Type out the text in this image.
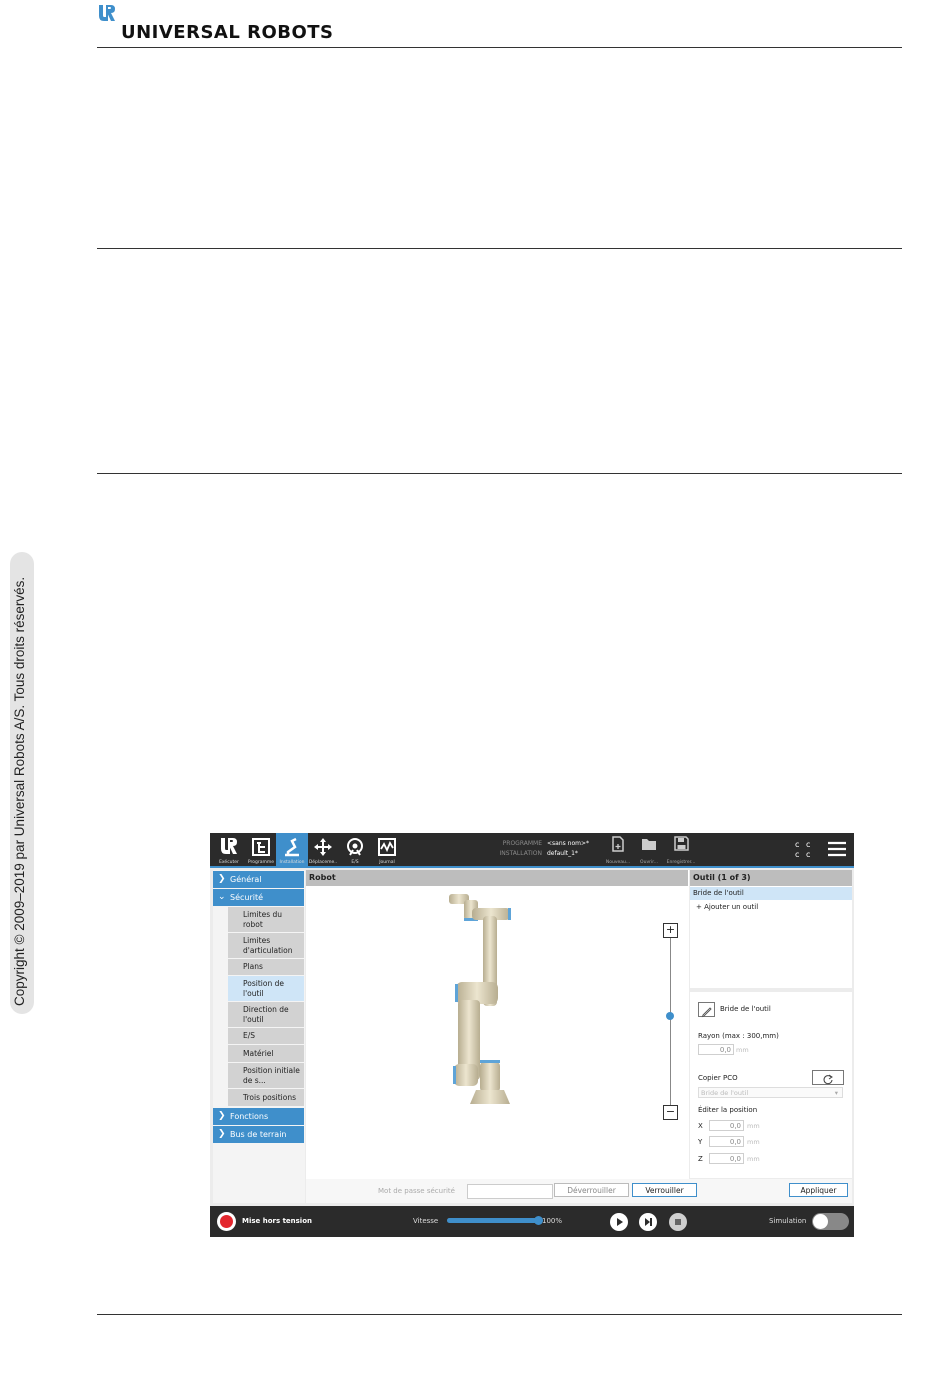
UNIVERSAL ROBOTS
Copyright © 2009–2019 par Universal Robots A/S. Tous droits réservés.	Exécuter	Programme	Installation Déplaceme..	E/S	Journal
PROGRAMME <sans nom>*
INSTALLATION default_1*
Nouveau...	Ouvrir...	Enregistrer...
c c
c c
❯ Général
⌄ Sécurité
Limites du robot
Limites d'articulation
Plans
Position de l'outil
Direction de l'outil
E/S
Matériel
Position initiale de s...
Trois positions
❯ Fonctions
❯ Bus de terrain
Robot
+
−
Outil (1 of 3)
Bride de l'outil
+ Ajouter un outil
Bride de l'outil
Rayon (max : 300,mm)
0,0 mm
Copier PCO
Bride de l'outil	▾
Éditer la position
X	0,0 mm
Y	0,0 mm
Z	0,0 mm
Mot de passe sécurité	Déverrouiller	Verrouiller	Appliquer
Mise hors tension	Vitesse	100%	Simulation
